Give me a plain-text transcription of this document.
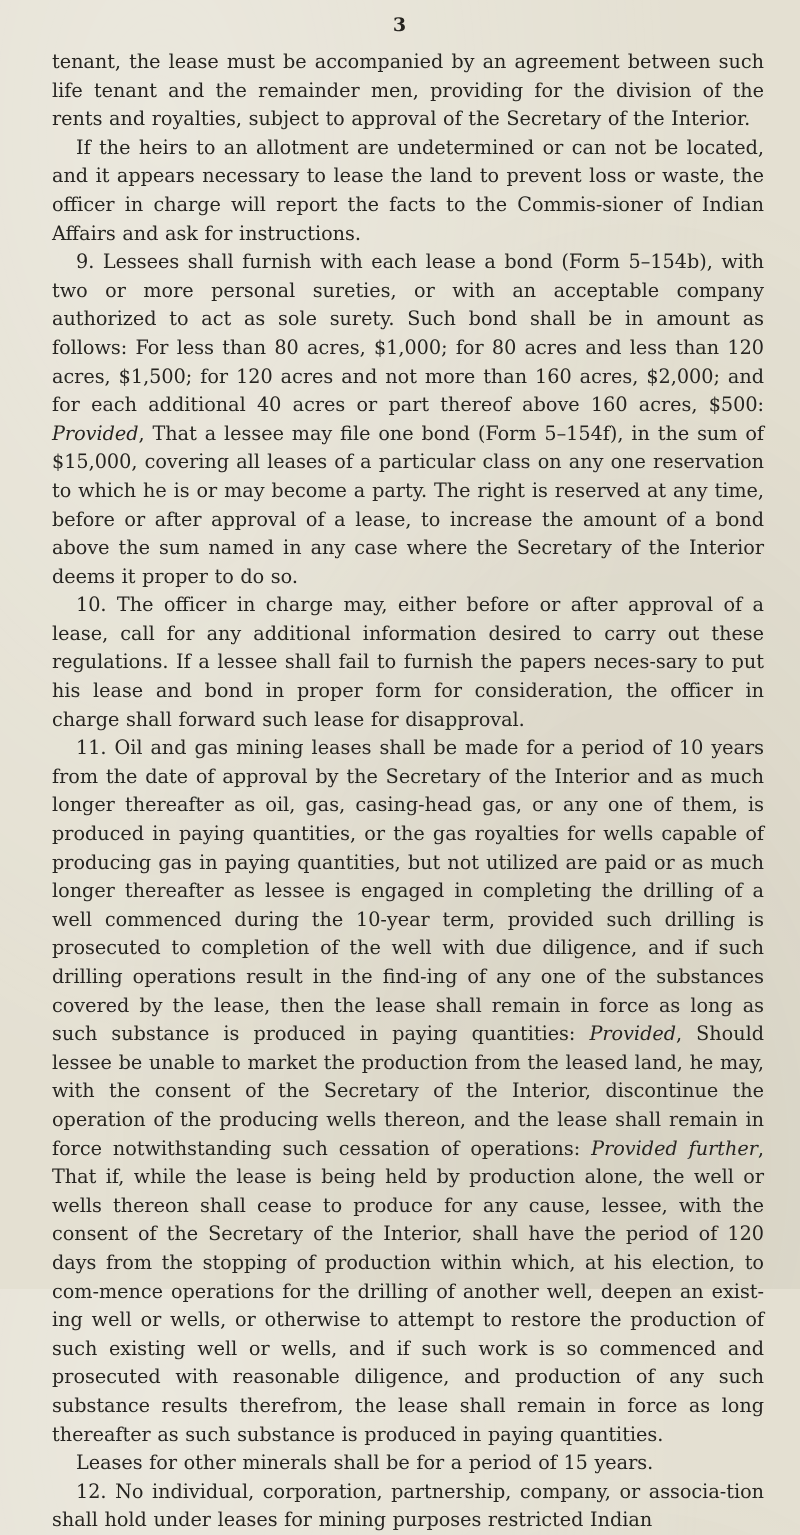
3

tenant, the lease must be accompanied by an agreement between such life tenant and the remainder men, providing for the division of the rents and royalties, subject to approval of the Secretary of the Interior.

If the heirs to an allotment are undetermined or can not be located, and it appears necessary to lease the land to prevent loss or waste, the officer in charge will report the facts to the Commis-sioner of Indian Affairs and ask for instructions.

9. Lessees shall furnish with each lease a bond (Form 5–154b), with two or more personal sureties, or with an acceptable company authorized to act as sole surety. Such bond shall be in amount as follows: For less than 80 acres, $1,000; for 80 acres and less than 120 acres, $1,500; for 120 acres and not more than 160 acres, $2,000; and for each additional 40 acres or part thereof above 160 acres, $500: Provided, That a lessee may file one bond (Form 5–154f), in the sum of $15,000, covering all leases of a particular class on any one reservation to which he is or may become a party. The right is reserved at any time, before or after approval of a lease, to increase the amount of a bond above the sum named in any case where the Secretary of the Interior deems it proper to do so.

10. The officer in charge may, either before or after approval of a lease, call for any additional information desired to carry out these regulations. If a lessee shall fail to furnish the papers neces-sary to put his lease and bond in proper form for consideration, the officer in charge shall forward such lease for disapproval.

11. Oil and gas mining leases shall be made for a period of 10 years from the date of approval by the Secretary of the Interior and as much longer thereafter as oil, gas, casing-head gas, or any one of them, is produced in paying quantities, or the gas royalties for wells capable of producing gas in paying quantities, but not utilized are paid or as much longer thereafter as lessee is engaged in completing the drilling of a well commenced during the 10-year term, provided such drilling is prosecuted to completion of the well with due diligence, and if such drilling operations result in the find-ing of any one of the substances covered by the lease, then the lease shall remain in force as long as such substance is produced in paying quantities: Provided, Should lessee be unable to market the production from the leased land, he may, with the consent of the Secretary of the Interior, discontinue the operation of the producing wells thereon, and the lease shall remain in force notwithstanding such cessation of operations: Provided further, That if, while the lease is being held by production alone, the well or wells thereon shall cease to produce for any cause, lessee, with the consent of the Secretary of the Interior, shall have the period of 120 days from the stopping of production within which, at his election, to com-mence operations for the drilling of another well, deepen an exist-ing well or wells, or otherwise to attempt to restore the production of such existing well or wells, and if such work is so commenced and prosecuted with reasonable diligence, and production of any such substance results therefrom, the lease shall remain in force as long thereafter as such substance is produced in paying quantities.

Leases for other minerals shall be for a period of 15 years.

12. No individual, corporation, partnership, company, or associa-tion shall hold under leases for mining purposes restricted Indian
